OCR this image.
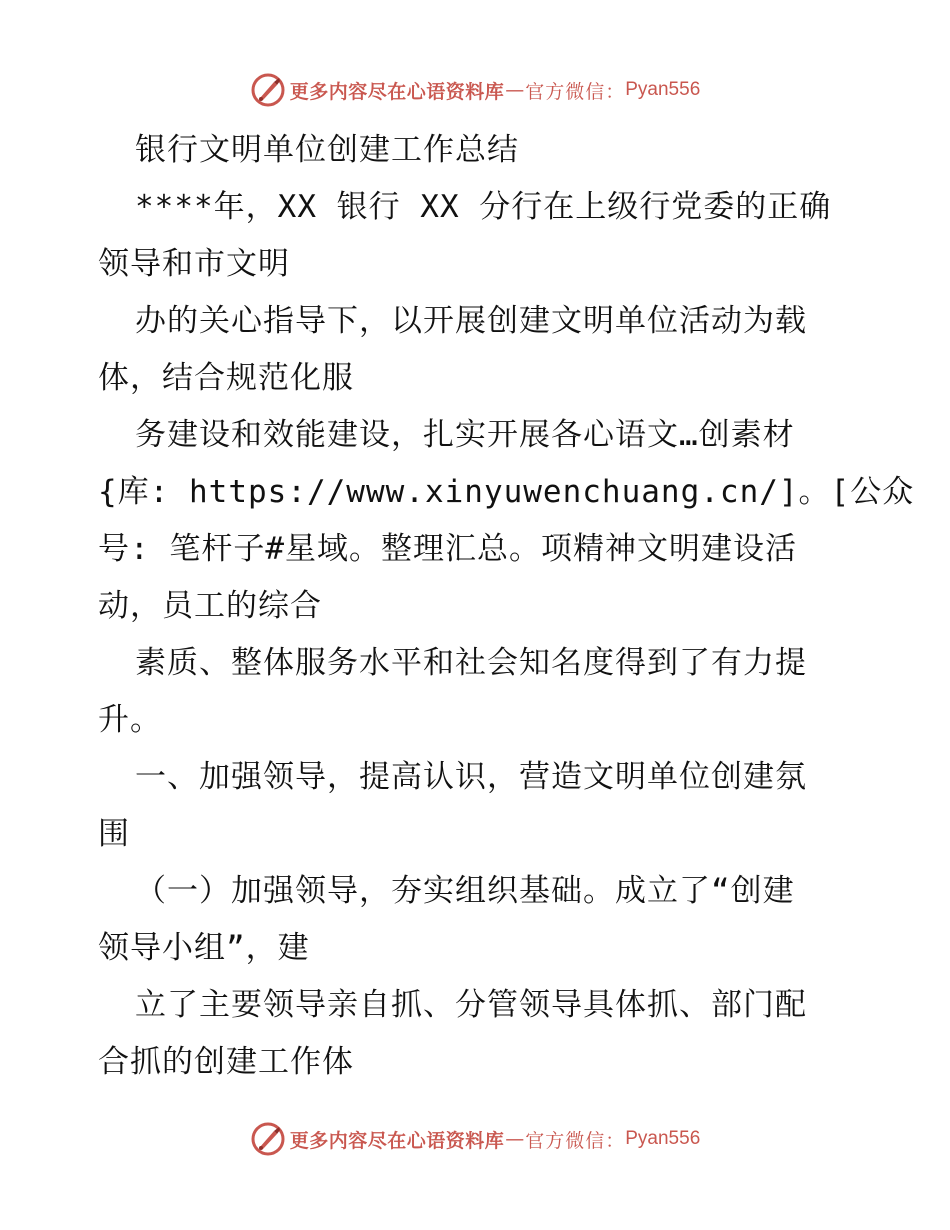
更多内容尽在心语资料库 — 官方微信： Pyan556
银行文明单位创建工作总结
****年，XX 银行 XX 分行在上级行党委的正确
领导和市文明
办的关心指导下，以开展创建文明单位活动为载
体，结合规范化服
务建设和效能建设，扎实开展各心语文…创素材
{库: https://www.xinyuwenchuang.cn/]。[公众
号: 笔杆子#星域。整理汇总。项精神文明建设活
动，员工的综合
素质、整体服务水平和社会知名度得到了有力提
升。
一、加强领导，提高认识，营造文明单位创建氛
围
（一）加强领导，夯实组织基础。成立了“创建
领导小组”，建
立了主要领导亲自抓、分管领导具体抓、部门配
合抓的创建工作体
更多内容尽在心语资料库 — 官方微信： Pyan556
